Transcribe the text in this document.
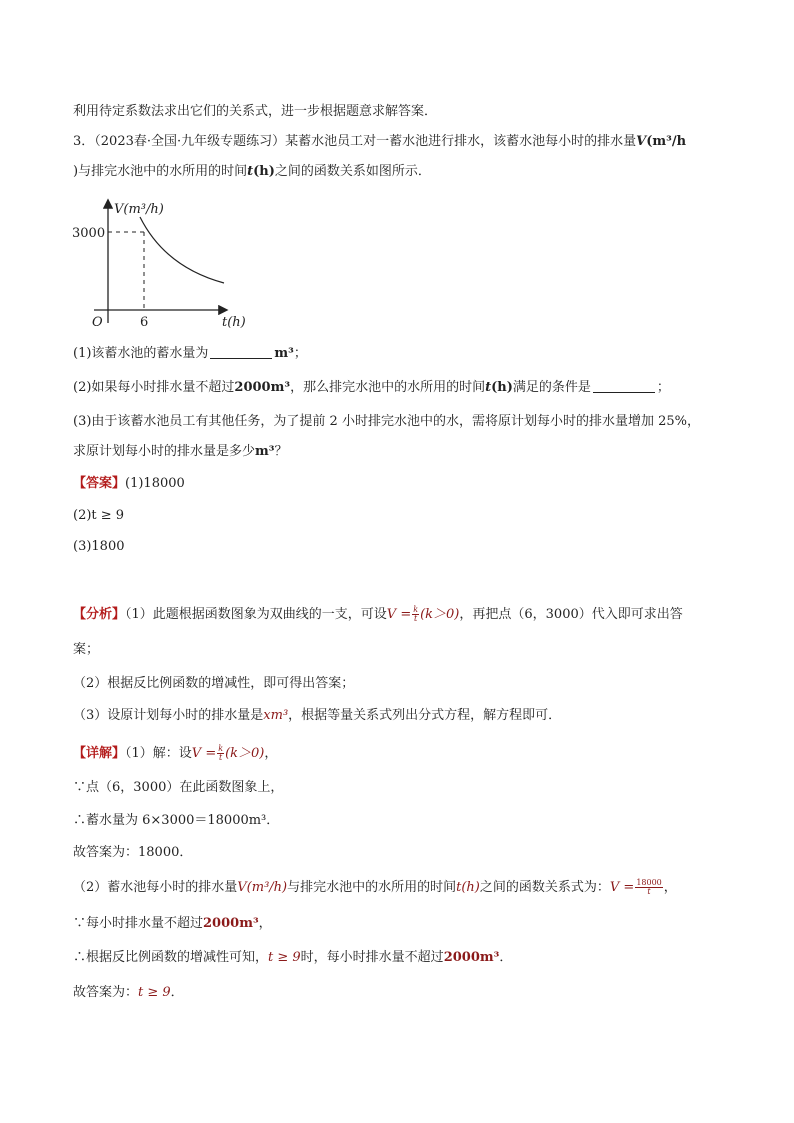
利用待定系数法求出它们的关系式，进一步根据题意求解答案．
3．（2023春·全国·九年级专题练习）某蓄水池员工对一蓄水池进行排水，该蓄水池每小时的排水量V(m³/h
)与排完水池中的水所用的时间t(h)之间的函数关系如图所示．
V(m³/h)
3000
O	6	t(h)
(1)该蓄水池的蓄水量为	m³；
(2)如果每小时排水量不超过2000m³，那么排完水池中的水所用的时间t(h)满足的条件是	；
(3)由于该蓄水池员工有其他任务，为了提前 2 小时排完水池中的水，需将原计划每小时的排水量增加 25%，
求原计划每小时的排水量是多少m³？
【答案】(1)18000
(2)t ≥ 9
(3)1800
【分析】（1）此题根据函数图象为双曲线的一支，可设$V = \frac{k}{t} (k>0)$，再把点（6，3000）代入即可求出答
案；
（2）根据反比例函数的增减性，即可得出答案；
（3）设原计划每小时的排水量是xm³，根据等量关系式列出分式方程，解方程即可．
【详解】（1）解：设$V = \frac{k}{t} (k>0)$，
∵点（6，3000）在此函数图象上，
∴蓄水量为 6×3000＝18000m³．
故答案为：18000．
（2）蓄水池每小时的排水量V(m³/h)与排完水池中的水所用的时间t(h)之间的函数关系式为：$V = \frac{18000}{t}$ ，
∵每小时排水量不超过2000m³，
∴根据反比例函数的增减性可知，t ≥ 9时，每小时排水量不超过2000m³．
故答案为：t ≥ 9．
